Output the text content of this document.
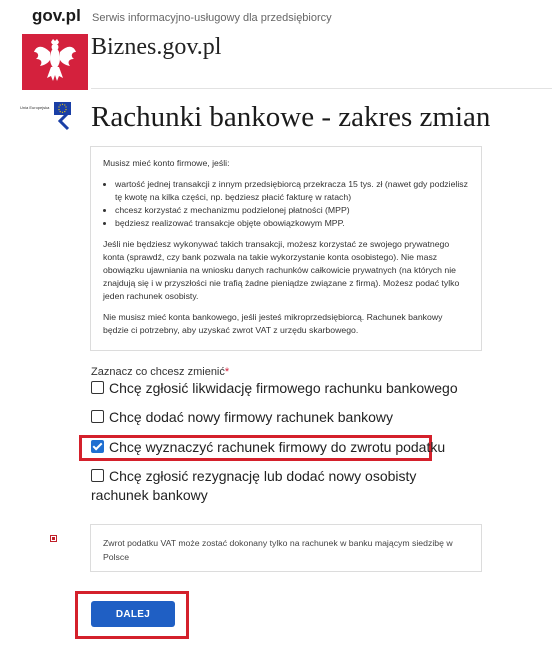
gov.pl
Unia Europejska
Serwis informacyjno-usługowy dla przedsiębiorcy
Biznes.gov.pl
Rachunki bankowe - zakres zmian

Musisz mieć konto firmowe, jeśli:

• wartość jednej transakcji z innym przedsiębiorcą przekracza 15 tys. zł (nawet gdy podzielisz tę kwotę na kilka części, np. będziesz płacić fakturę w ratach)
• chcesz korzystać z mechanizmu podzielonej płatności (MPP)
• będziesz realizować transakcje objęte obowiązkowym MPP.

Jeśli nie będziesz wykonywać takich transakcji, możesz korzystać ze swojego prywatnego konta (sprawdź, czy bank pozwala na takie wykorzystanie konta osobistego). Nie masz obowiązku ujawniania na wniosku danych rachunków całkowicie prywatnych (na których nie znajdują się i w przyszłości nie trafią żadne pieniądze związane z firmą). Możesz podać tylko jeden rachunek osobisty.

Nie musisz mieć konta bankowego, jeśli jesteś mikroprzedsiębiorcą. Rachunek bankowy będzie ci potrzebny, aby uzyskać zwrot VAT z urzędu skarbowego.

Zaznacz co chcesz zmienić*
Chcę zgłosić likwidację firmowego rachunku bankowego
Chcę dodać nowy firmowy rachunek bankowy
Chcę wyznaczyć rachunek firmowy do zwrotu podatku
Chcę zgłosić rezygnację lub dodać nowy osobisty rachunek bankowy
Zwrot podatku VAT może zostać dokonany tylko na rachunek w banku mającym siedzibę w Polsce
DALEJ
